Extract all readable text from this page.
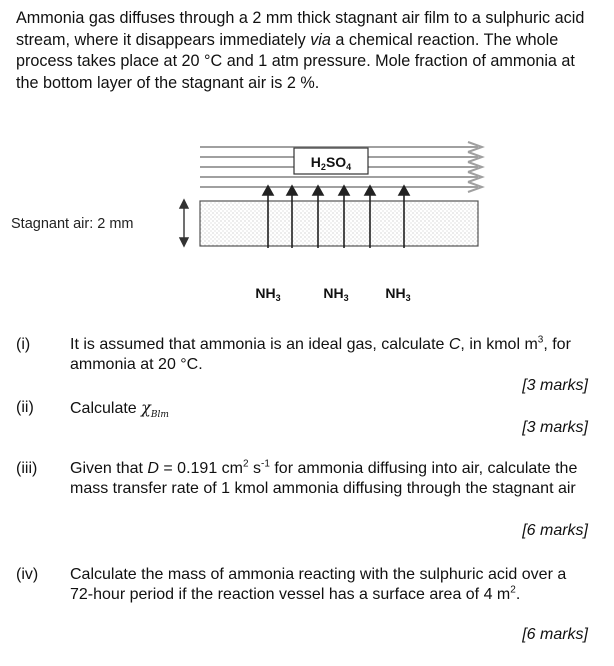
Ammonia gas diffuses through a 2 mm thick stagnant air film to a sulphuric acid stream, where it disappears immediately via a chemical reaction. The whole process takes place at 20 °C and 1 atm pressure. Mole fraction of ammonia at the bottom layer of the stagnant air is 2 %.
$H_2SO_4$
Stagnant air: 2 mm
$NH_3$	$NH_3$	$NH_3$
(i)	It is assumed that ammonia is an ideal gas, calculate C, in kmol $m^3$, for ammonia at 20 °C.
[3 marks]
(ii)	Calculate $\chi_{Blm}$
[3 marks]
(iii)	Given that D = 0.191 $cm^2$ $s^{-1}$ for ammonia diffusing into air, calculate the mass transfer rate of 1 kmol ammonia diffusing through the stagnant air
[6 marks]
(iv)	Calculate the mass of ammonia reacting with the sulphuric acid over a 72-hour period if the reaction vessel has a surface area of 4 $m^2$.
[6 marks]
